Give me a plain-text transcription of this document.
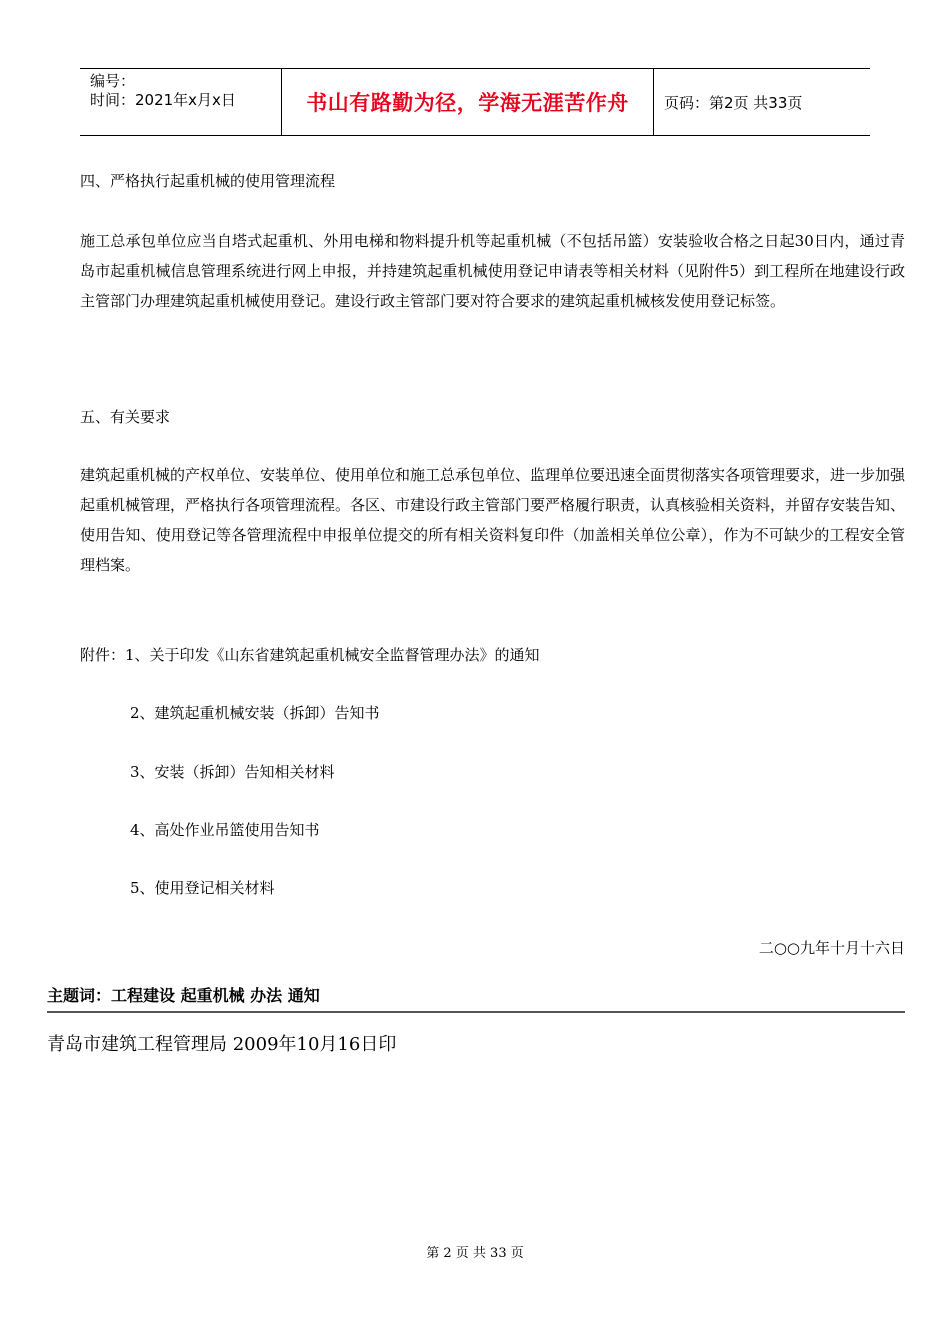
编号：
时间：2021年x月x日	书山有路勤为径，学海无涯苦作舟	页码：第2页 共33页
四、严格执行起重机械的使用管理流程

施工总承包单位应当自塔式起重机、外用电梯和物料提升机等起重机械（不包括吊篮）安装验收合格之日起30日内，通过青岛市起重机械信息管理系统进行网上申报，并持建筑起重机械使用登记申请表等相关材料（见附件5）到工程所在地建设行政主管部门办理建筑起重机械使用登记。建设行政主管部门要对符合要求的建筑起重机械核发使用登记标签。

五、有关要求

建筑起重机械的产权单位、安装单位、使用单位和施工总承包单位、监理单位要迅速全面贯彻落实各项管理要求，进一步加强起重机械管理，严格执行各项管理流程。各区、市建设行政主管部门要严格履行职责，认真核验相关资料，并留存安装告知、使用告知、使用登记等各管理流程中申报单位提交的所有相关资料复印件（加盖相关单位公章），作为不可缺少的工程安全管理档案。

附件：1、关于印发《山东省建筑起重机械安全监督管理办法》的通知
2、建筑起重机械安装（拆卸）告知书
3、安装（拆卸）告知相关材料
4、高处作业吊篮使用告知书
5、使用登记相关材料
二○○九年十月十六日
主题词：工程建设 起重机械 办法 通知
青岛市建筑工程管理局 2009年10月16日印
第 2 页 共 33 页
